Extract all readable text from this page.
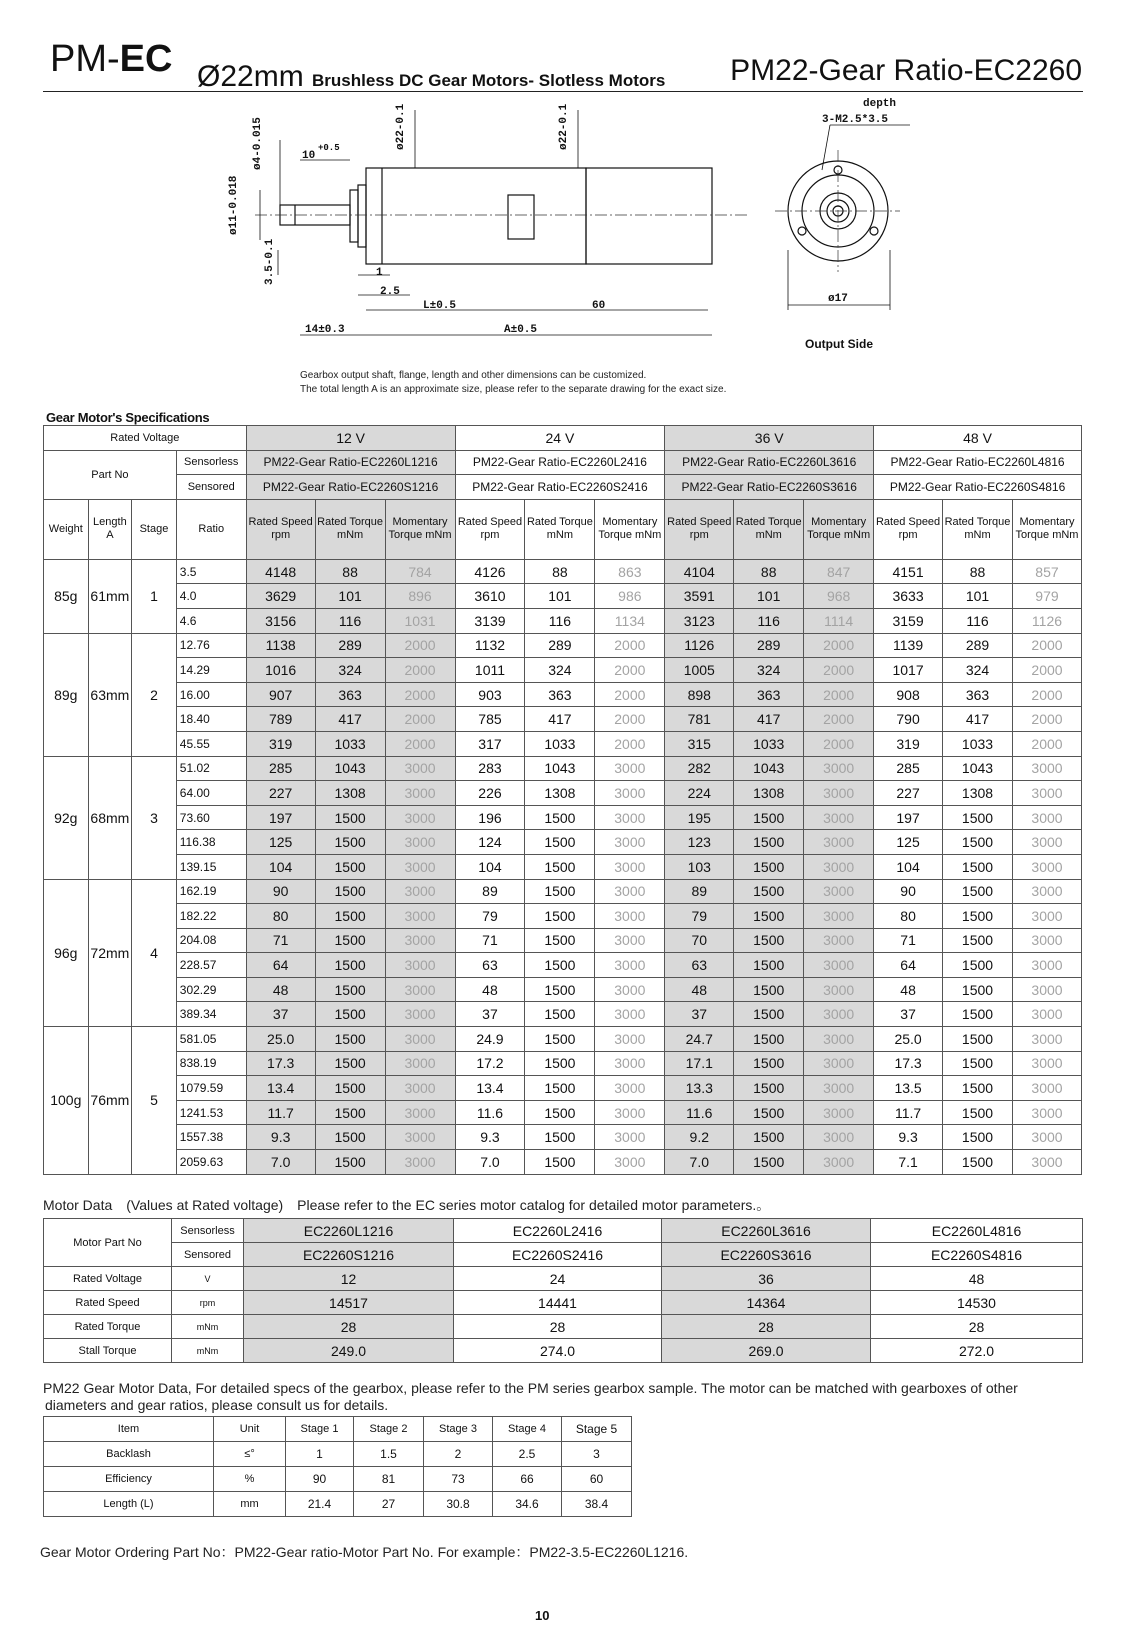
PM-EC Ø22mm Brushless DC Gear Motors- Slotless Motors PM22-Gear Ratio-EC2260
ø4-0.015
ø11-0.018
3.5-0.1
10
+0.5	ø22-0.1	ø22-0.1
1
2.5
L±0.5	60
14±0.3	A±0.5
depth
3-M2.5*3.5
ø17
Output Side
Gearbox output shaft, flange, length and other dimensions can be customized.
The total length A is an approximate size, please refer to the separate drawing for the exact size.
Gear Motor's Specifications
Rated Voltage				12 V			24 V			36 V			48 V		
Part No			Sensorless	PM22-Gear Ratio-EC2260L1216			PM22-Gear Ratio-EC2260L2416			PM22-Gear Ratio-EC2260L3616			PM22-Gear Ratio-EC2260L4816		
			Sensored	PM22-Gear Ratio-EC2260S1216			PM22-Gear Ratio-EC2260S2416			PM22-Gear Ratio-EC2260S3616			PM22-Gear Ratio-EC2260S4816		
Weight	Length A	Stage	Ratio	Rated Speed rpm	Rated Torque mNm	Momentary Torque mNm	Rated Speed rpm	Rated Torque mNm	Momentary Torque mNm	Rated Speed rpm	Rated Torque mNm	Momentary Torque mNm	Rated Speed rpm	Rated Torque mNm	Momentary Torque mNm
85g	61mm	1	3.5	4148	88	784	4126	88	863	4104	88	847	4151	88	857
			4.0	3629	101	896	3610	101	986	3591	101	968	3633	101	979
			4.6	3156	116	1031	3139	116	1134	3123	116	1114	3159	116	1126
89g	63mm	2	12.76	1138	289	2000	1132	289	2000	1126	289	2000	1139	289	2000
			14.29	1016	324	2000	1011	324	2000	1005	324	2000	1017	324	2000
			16.00	907	363	2000	903	363	2000	898	363	2000	908	363	2000
			18.40	789	417	2000	785	417	2000	781	417	2000	790	417	2000
			45.55	319	1033	2000	317	1033	2000	315	1033	2000	319	1033	2000
92g	68mm	3	51.02	285	1043	3000	283	1043	3000	282	1043	3000	285	1043	3000
			64.00	227	1308	3000	226	1308	3000	224	1308	3000	227	1308	3000
			73.60	197	1500	3000	196	1500	3000	195	1500	3000	197	1500	3000
			116.38	125	1500	3000	124	1500	3000	123	1500	3000	125	1500	3000
			139.15	104	1500	3000	104	1500	3000	103	1500	3000	104	1500	3000
96g	72mm	4	162.19	90	1500	3000	89	1500	3000	89	1500	3000	90	1500	3000
			182.22	80	1500	3000	79	1500	3000	79	1500	3000	80	1500	3000
			204.08	71	1500	3000	71	1500	3000	70	1500	3000	71	1500	3000
			228.57	64	1500	3000	63	1500	3000	63	1500	3000	64	1500	3000
			302.29	48	1500	3000	48	1500	3000	48	1500	3000	48	1500	3000
			389.34	37	1500	3000	37	1500	3000	37	1500	3000	37	1500	3000
100g	76mm	5	581.05	25.0	1500	3000	24.9	1500	3000	24.7	1500	3000	25.0	1500	3000
			838.19	17.3	1500	3000	17.2	1500	3000	17.1	1500	3000	17.3	1500	3000
			1079.59	13.4	1500	3000	13.4	1500	3000	13.3	1500	3000	13.5	1500	3000
			1241.53	11.7	1500	3000	11.6	1500	3000	11.6	1500	3000	11.7	1500	3000
			1557.38	9.3	1500	3000	9.3	1500	3000	9.2	1500	3000	9.3	1500	3000
			2059.63	7.0	1500	3000	7.0	1500	3000	7.0	1500	3000	7.1	1500	3000
Motor Data　(Values at Rated voltage)　Please refer to the EC series motor catalog for detailed motor parameters.。
Motor Part No	Sensorless	EC2260L1216	EC2260L2416	EC2260L3616	EC2260L4816
	Sensored	EC2260S1216	EC2260S2416	EC2260S3616	EC2260S4816
Rated Voltage	V	12	24	36	48
Rated Speed	rpm	14517	14441	14364	14530
Rated Torque	mNm	28	28	28	28
Stall Torque	mNm	249.0	274.0	269.0	272.0
PM22 Gear Motor Data, For detailed specs of the gearbox, please refer to the PM series gearbox sample. The motor can be matched with gearboxes of other
diameters and gear ratios, please consult us for details.
Item	Unit	Stage 1	Stage 2	Stage 3	Stage 4	Stage 5
Backlash	≤°	1	1.5	2	2.5	3
Efficiency	%	90	81	73	66	60
Length (L)	mm	21.4	27	30.8	34.6	38.4
Gear Motor Ordering Part No：PM22-Gear ratio-Motor Part No. For example：PM22-3.5-EC2260L1216.
10
